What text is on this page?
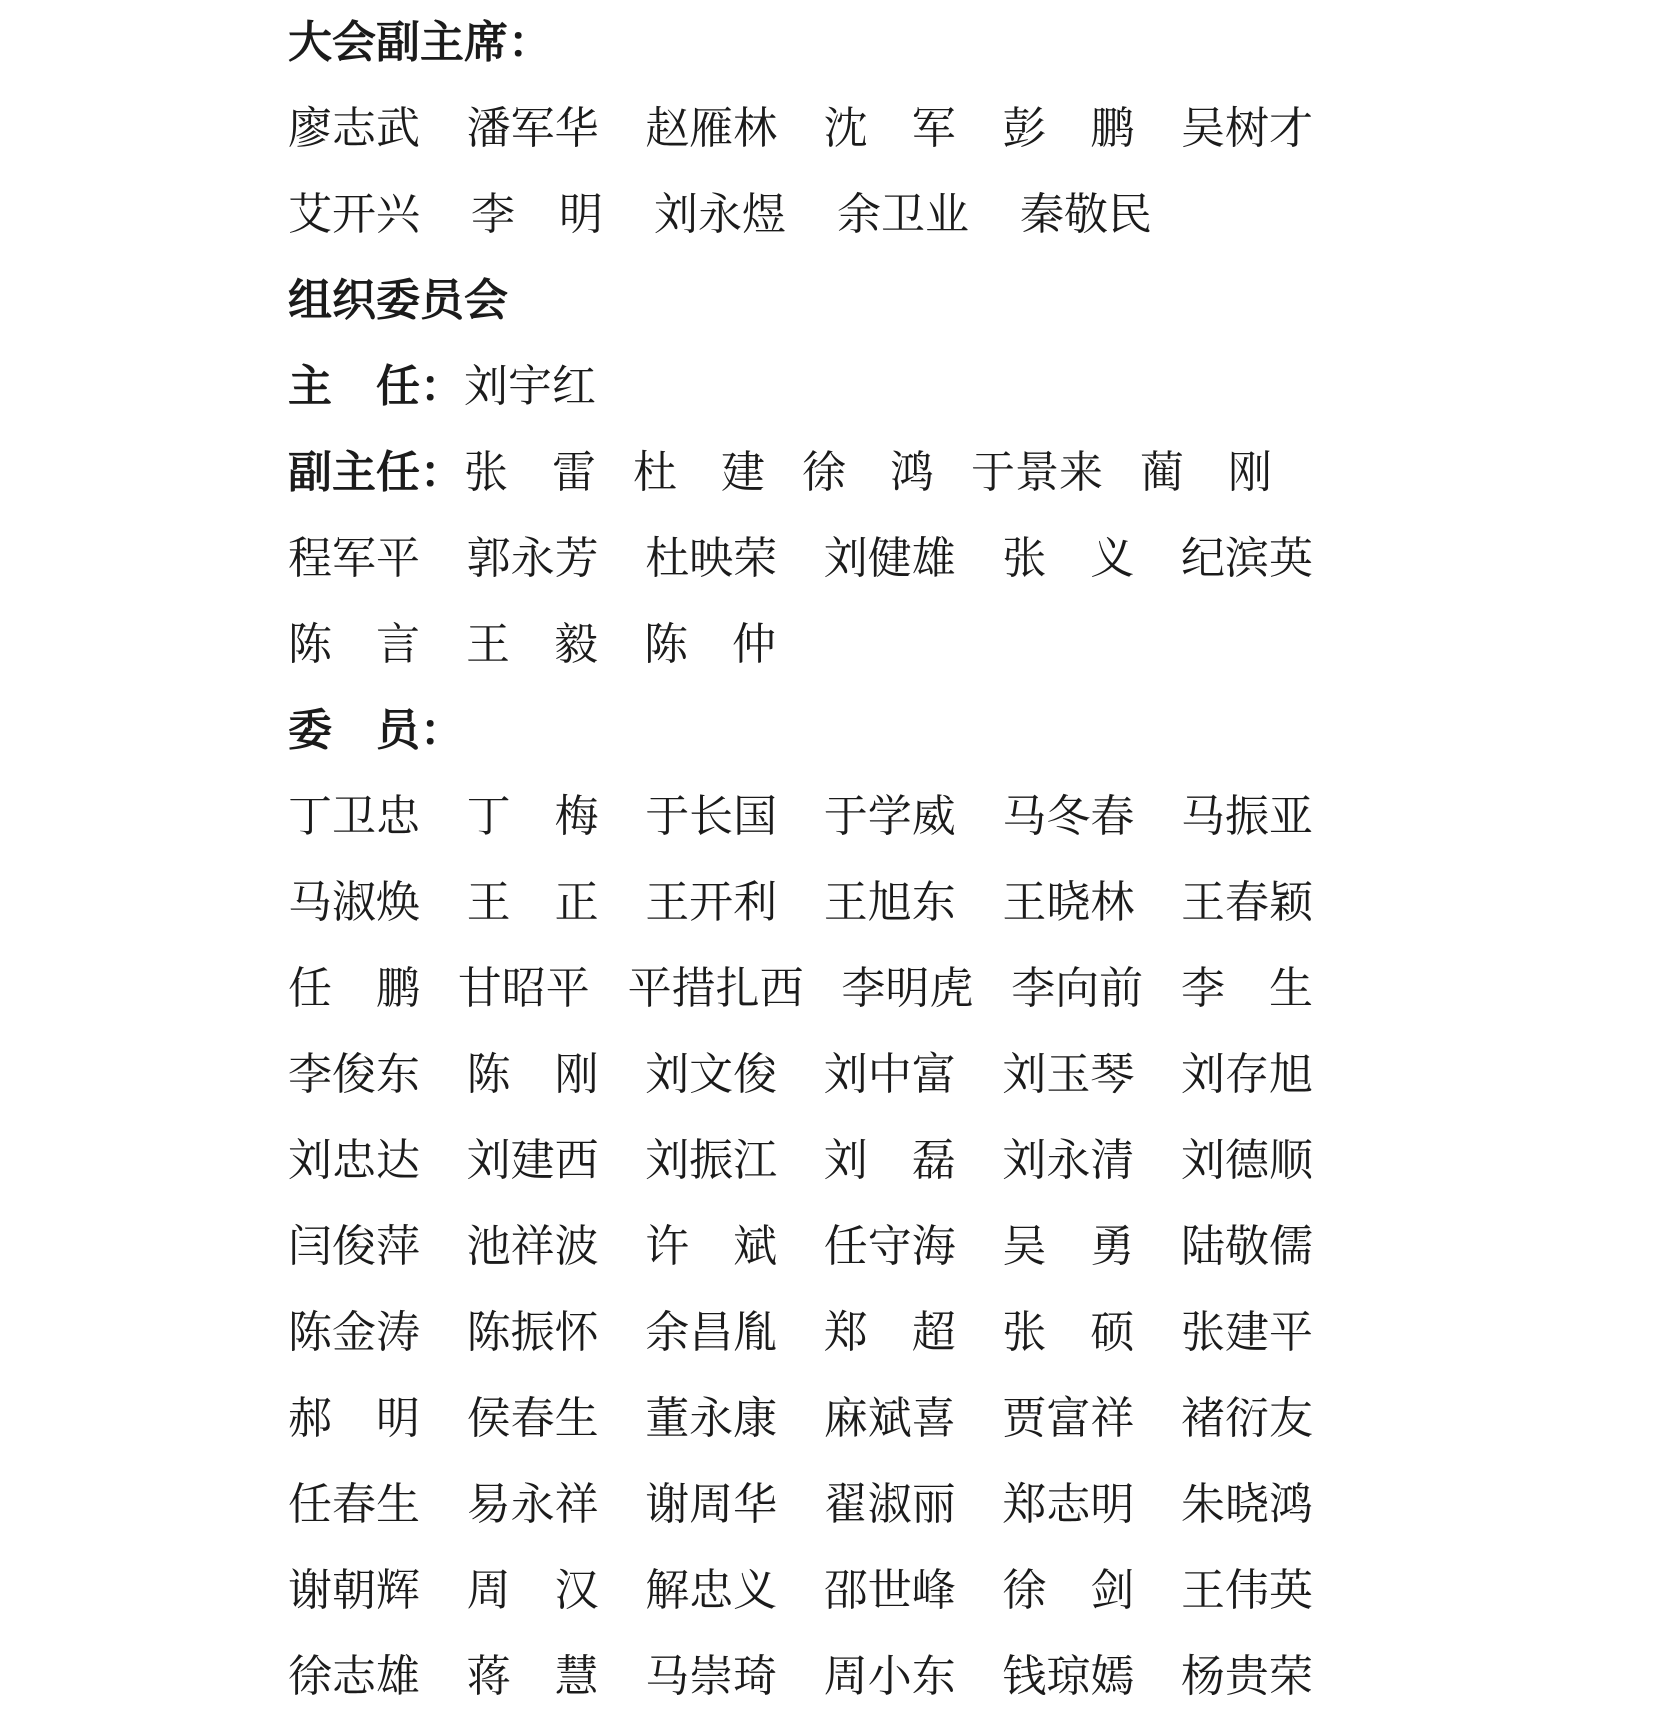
大会副主席：
廖志武 潘军华 赵雁林 沈　军 彭　鹏 吴树才
艾开兴 李　明 刘永煜 余卫业 秦敬民
组织委员会
主　任： 刘宇红
副主任： 张　雷 杜　建 徐　鸿 于景来 蔺　刚
程军平 郭永芳 杜映荣 刘健雄 张　义 纪滨英
陈　言 王　毅 陈　仲
委　员：
丁卫忠 丁　梅 于长国 于学威 马冬春 马振亚
马淑焕 王　正 王开利 王旭东 王晓林 王春颖
任　鹏 甘昭平 平措扎西 李明虎 李向前 李　生
李俊东 陈　刚 刘文俊 刘中富 刘玉琴 刘存旭
刘忠达 刘建西 刘振江 刘　磊 刘永清 刘德顺
闫俊萍 池祥波 许　斌 任守海 吴　勇 陆敬儒
陈金涛 陈振怀 余昌胤 郑　超 张　硕 张建平
郝　明 侯春生 董永康 麻斌喜 贾富祥 褚衍友
任春生 易永祥 谢周华 翟淑丽 郑志明 朱晓鸿
谢朝辉 周　汉 解忠义 邵世峰 徐　剑 王伟英
徐志雄 蒋　慧 马崇琦 周小东 钱琼嫣 杨贵荣
